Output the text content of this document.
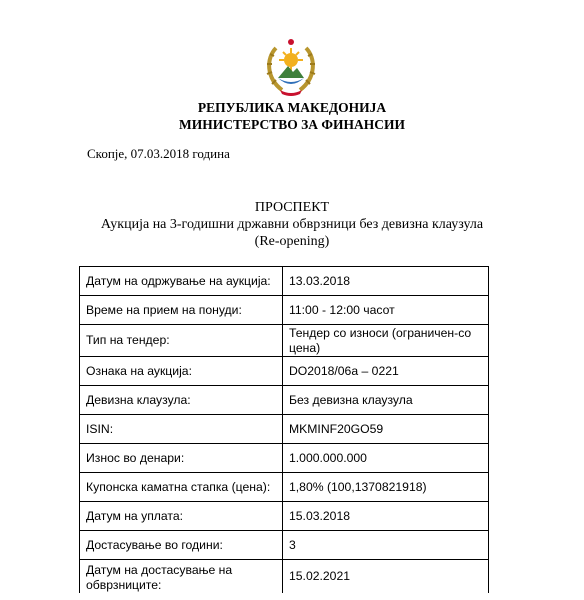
РЕПУБЛИКА МАКЕДОНИЈА
МИНИСТЕРСТВО ЗА ФИНАНСИИ
Скопје, 07.03.2018 година
ПРОСПЕКТ
Аукција на 3-годишни државни обврзници без девизна клаузула
(Re-opening)
Датум на одржување на аукција:	13.03.2018
Време на прием на понуди:	11:00 - 12:00 часот
Тип на тендер:	Тендер со износи (ограничен-со цена)
Ознака на аукција:	DO2018/06a – 0221
Девизна клаузула:	Без девизна клаузула
ISIN:	MKMINF20GO59
Износ во денари:	1.000.000.000
Купонска каматна стапка (цена):	1,80% (100,1370821918)
Датум на уплата:	15.03.2018
Достасување во години:	3
Датум на достасување на обврзниците:	15.02.2021
